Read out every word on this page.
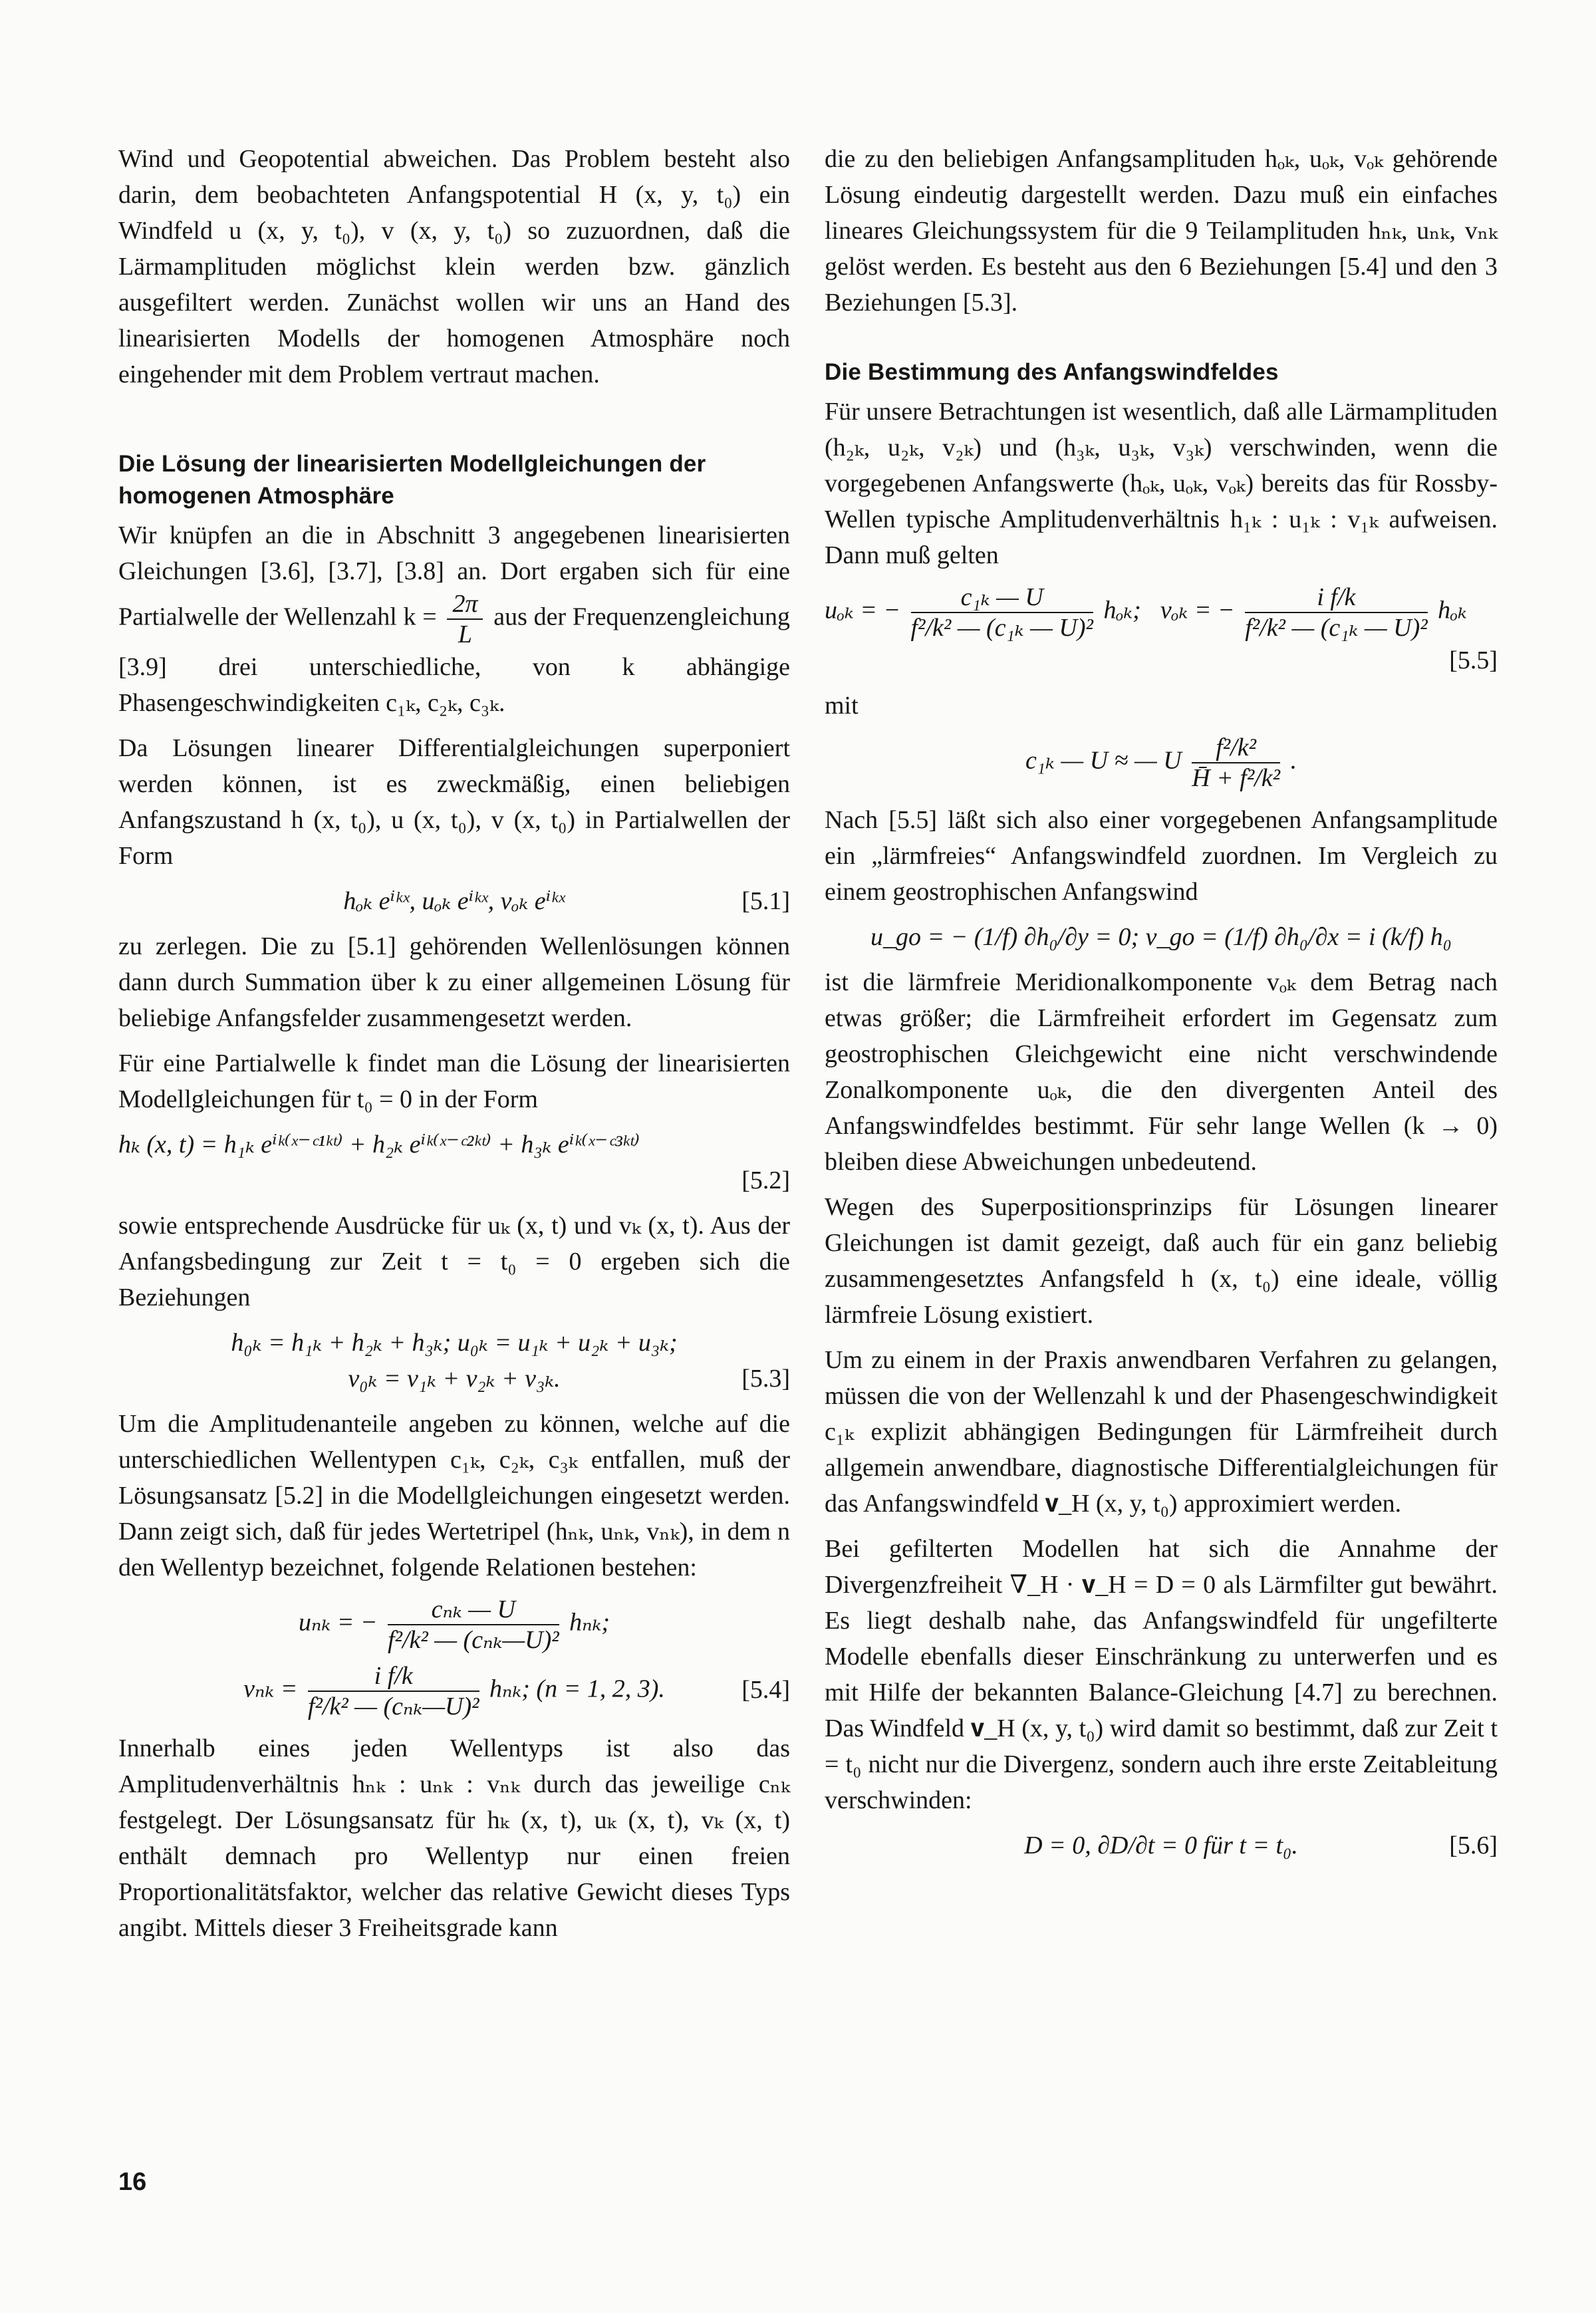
Wind und Geopotential abweichen. Das Problem besteht also darin, dem beobachteten Anfangspotential H (x, y, t₀) ein Windfeld u (x, y, t₀), v (x, y, t₀) so zuzuordnen, daß die Lärmamplituden möglichst klein werden bzw. gänzlich ausgefiltert werden. Zunächst wollen wir uns an Hand des linearisierten Modells der homogenen Atmosphäre noch eingehender mit dem Problem vertraut machen.

Die Lösung der linearisierten Modellgleichungen der homogenen Atmosphäre

Wir knüpfen an die in Abschnitt 3 angegebenen linearisierten Gleichungen [3.6], [3.7], [3.8] an. Dort ergaben sich für eine Partialwelle der Wellenzahl $k = \frac{2\pi}{L}$ aus der Frequenzengleichung [3.9] drei unterschiedliche, von k abhängige Phasengeschwindigkeiten c₁ₖ, c₂ₖ, c₃ₖ.

Da Lösungen linearer Differentialgleichungen superponiert werden können, ist es zweckmäßig, einen beliebigen Anfangszustand h (x, t₀), u (x, t₀), v (x, t₀) in Partialwellen der Form

hₒₖ eⁱᵏˣ, uₒₖ eⁱᵏˣ, vₒₖ eⁱᵏˣ	[5.1]

zu zerlegen. Die zu [5.1] gehörenden Wellenlösungen können dann durch Summation über k zu einer allgemeinen Lösung für beliebige Anfangsfelder zusammengesetzt werden.

Für eine Partialwelle k findet man die Lösung der linearisierten Modellgleichungen für t₀ = 0 in der Form

hₖ (x, t) = h₁ₖ eⁱᵏ⁽ˣ⁻ᶜ¹ᵏᵗ⁾ + h₂ₖ eⁱᵏ⁽ˣ⁻ᶜ²ᵏᵗ⁾ + h₃ₖ eⁱᵏ⁽ˣ⁻ᶜ³ᵏᵗ⁾
[5.2]

sowie entsprechende Ausdrücke für uₖ (x, t) und vₖ (x, t). Aus der Anfangsbedingung zur Zeit t = t₀ = 0 ergeben sich die Beziehungen

h₀ₖ = h₁ₖ + h₂ₖ + h₃ₖ; u₀ₖ = u₁ₖ + u₂ₖ + u₃ₖ;
v₀ₖ = v₁ₖ + v₂ₖ + v₃ₖ.	[5.3]

Um die Amplitudenanteile angeben zu können, welche auf die unterschiedlichen Wellentypen c₁ₖ, c₂ₖ, c₃ₖ entfallen, muß der Lösungsansatz [5.2] in die Modellgleichungen eingesetzt werden. Dann zeigt sich, daß für jedes Wertetripel (hₙₖ, uₙₖ, vₙₖ), in dem n den Wellentyp bezeichnet, folgende Relationen bestehen:

uₙₖ = − $\frac{\text{cₙₖ — U}}{\text{f²/k² — (cₙₖ—U)²}} h_{nk}$;
$v_{nk} = \frac{\text{i f/k}}{\text{f²/k² — (cₙₖ—U)²}} h_{nk}$; (n = 1, 2, 3).	[5.4]

Innerhalb eines jeden Wellentyps ist also das Amplitudenverhältnis hₙₖ : uₙₖ : vₙₖ durch das jeweilige cₙₖ festgelegt. Der Lösungsansatz für hₖ (x, t), uₖ (x, t), vₖ (x, t) enthält demnach pro Wellentyp nur einen freien Proportionalitätsfaktor, welcher das relative Gewicht dieses Typs angibt. Mittels dieser 3 Freiheitsgrade kann

die zu den beliebigen Anfangsamplituden hₒₖ, uₒₖ, vₒₖ gehörende Lösung eindeutig dargestellt werden. Dazu muß ein einfaches lineares Gleichungssystem für die 9 Teilamplituden hₙₖ, uₙₖ, vₙₖ gelöst werden. Es besteht aus den 6 Beziehungen [5.4] und den 3 Beziehungen [5.3].

Die Bestimmung des Anfangswindfeldes

Für unsere Betrachtungen ist wesentlich, daß alle Lärmamplituden (h₂ₖ, u₂ₖ, v₂ₖ) und (h₃ₖ, u₃ₖ, v₃ₖ) verschwinden, wenn die vorgegebenen Anfangswerte (hₒₖ, uₒₖ, vₒₖ) bereits das für Rossby-Wellen typische Amplitudenverhältnis h₁ₖ : u₁ₖ : v₁ₖ aufweisen. Dann muß gelten

uₒₖ = − $\frac{\text{c₁ₖ — U}}{\text{f²/k² — (c₁ₖ — U)²}} h_{ok}$; vₒₖ = − $\frac{\text{i f/k}}{\text{f²/k² — (c₁ₖ — U)²}}$ hₒₖ
[5.5]

mit

c₁ₖ — U ≈ — U $\frac{\text{f²/k²}}{\text{H̄ + f²/k²}}$ .

Nach [5.5] läßt sich also einer vorgegebenen Anfangsamplitude ein „lärmfreies“ Anfangswindfeld zuordnen. Im Vergleich zu einem geostrophischen Anfangswind

u_go = − (1/f) ∂h₀/∂y = 0; v_go = (1/f) ∂h₀/∂x = i (k/f) h₀

ist die lärmfreie Meridionalkomponente vₒₖ dem Betrag nach etwas größer; die Lärmfreiheit erfordert im Gegensatz zum geostrophischen Gleichgewicht eine nicht verschwindende Zonalkomponente uₒₖ, die den divergenten Anteil des Anfangswindfeldes bestimmt. Für sehr lange Wellen (k → 0) bleiben diese Abweichungen unbedeutend.

Wegen des Superpositionsprinzips für Lösungen linearer Gleichungen ist damit gezeigt, daß auch für ein ganz beliebig zusammengesetztes Anfangsfeld h (x, t₀) eine ideale, völlig lärmfreie Lösung existiert.

Um zu einem in der Praxis anwendbaren Verfahren zu gelangen, müssen die von der Wellenzahl k und der Phasengeschwindigkeit c₁ₖ explizit abhängigen Bedingungen für Lärmfreiheit durch allgemein anwendbare, diagnostische Differentialgleichungen für das Anfangswindfeld 𝐯_H (x, y, t₀) approximiert werden.

Bei gefilterten Modellen hat sich die Annahme der Divergenzfreiheit ∇_H · 𝐯_H = D = 0 als Lärmfilter gut bewährt. Es liegt deshalb nahe, das Anfangswindfeld für ungefilterte Modelle ebenfalls dieser Einschränkung zu unterwerfen und es mit Hilfe der bekannten Balance-Gleichung [4.7] zu berechnen. Das Windfeld 𝐯_H (x, y, t₀) wird damit so bestimmt, daß zur Zeit t = t₀ nicht nur die Divergenz, sondern auch ihre erste Zeitableitung verschwinden:

D = 0, ∂D/∂t = 0 für t = t₀.	[5.6]
16
